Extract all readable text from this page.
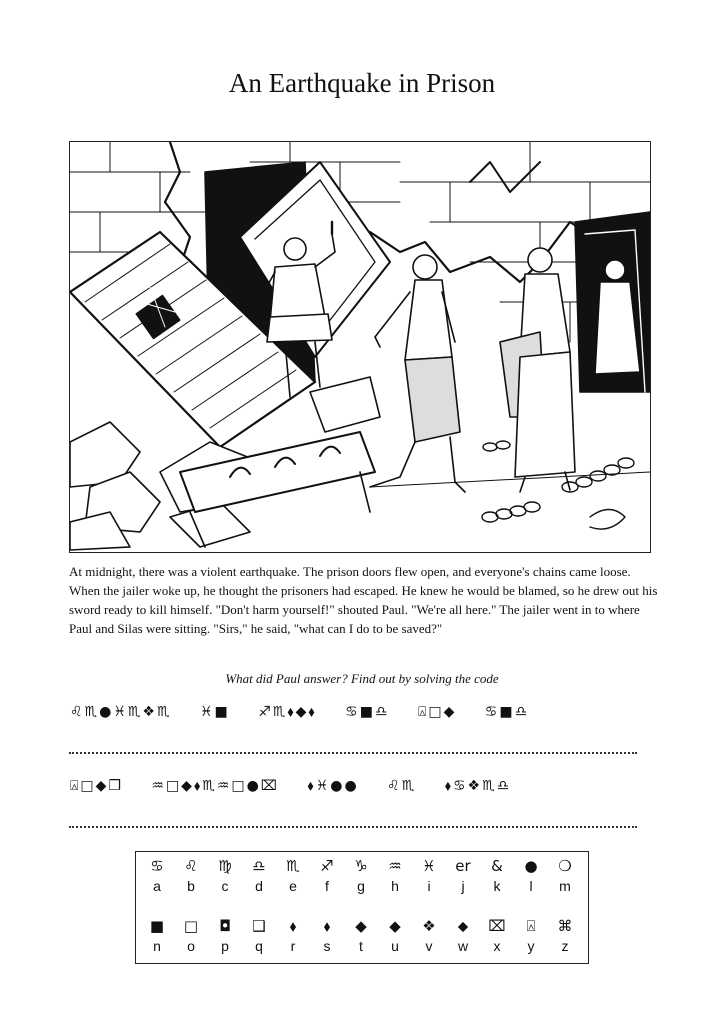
An Earthquake in Prison

At midnight, there was a violent earthquake. The prison doors flew open, and everyone's chains came loose. When the jailer woke up, he thought the prisoners had escaped. He knew he would be blamed, so he drew out his sword ready to kill himself. "Don't harm yourself!" shouted Paul. "We're all here." The jailer went in to where Paul and Silas were sitting. "Sirs," he said, "what can I do to be saved?"

What did Paul answer? Find out by solving the code

♌♏●♓♏❖♏ ♓■ ♐♏⬧◆⬧ ♋■♎ ⍓□◆ ♋■♎
⍓□◆❒ ♒□◆⬧♏♒□●⌧ ⬧♓●● ♌♏ ⬧♋❖♏♎
♋
a
♌
b
♍
c
♎
d
♏
e
♐
f
♑
g
♒
h
♓
i
er
j
&
k
●
l
❍
m
■
n
□
o
◘
p
❑
q
⬧
r
⬧
s
◆
t
◆
u
❖
v
⬥
w
⌧
x
⍓
y
⌘
z
